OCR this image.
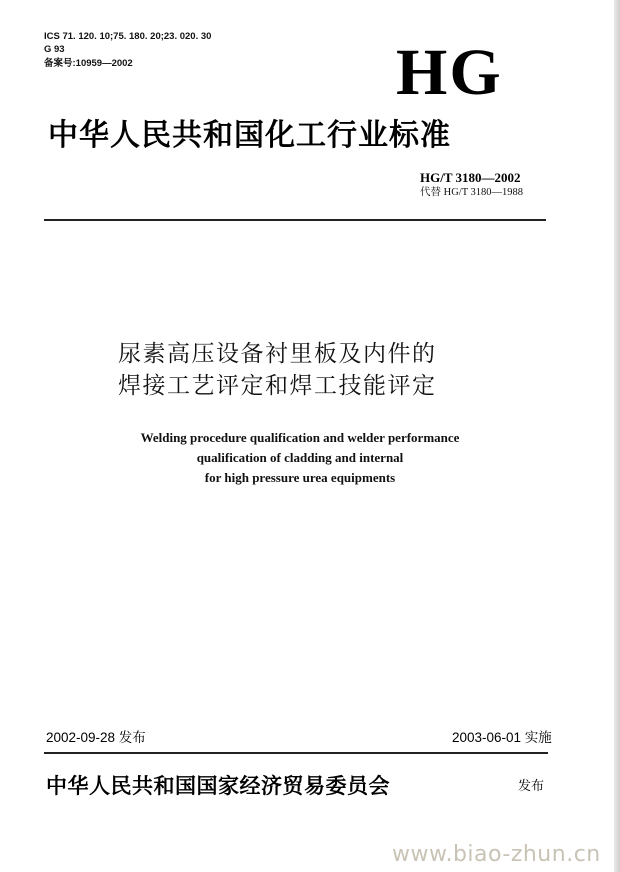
ICS 71. 120. 10;75. 180. 20;23. 020. 30
G 93
备案号:10959—2002	HG
中华人民共和国化工行业标准
HG/T 3180—2002
代替 HG/T 3180—1988
尿素高压设备衬里板及内件的
焊接工艺评定和焊工技能评定
Welding procedure qualification and welder performance
qualification of cladding and internal
for high pressure urea equipments
2002-09-28 发布	2003-06-01 实施
中华人民共和国国家经济贸易委员会	发布
www.biao-zhun.cn
